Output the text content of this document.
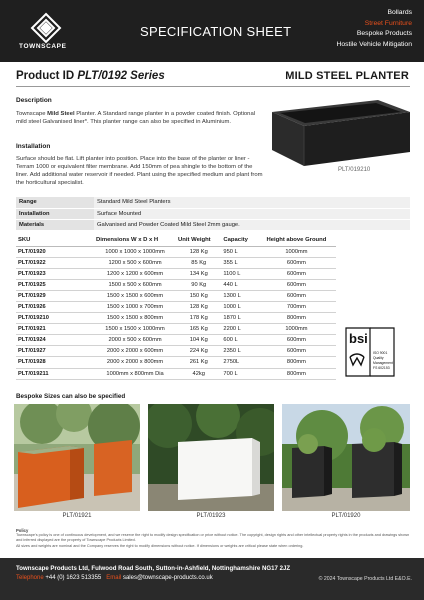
TOWNSCAPE
SPECIFICATION SHEET
Bollards
Street Furniture
Bespoke Products
Hostile Vehicle Mitigation
Product ID PLT/0192 Series	MILD STEEL PLANTER
Description
Townscape Mild Steel Planter. A Standard range planter in a powder coated finish. Optional mild steel Galvanised liner*. This planter range can also be specified in Aluminium.
Installation
Surface should be flat. Lift planter into position. Place into the base of the planter or liner -Terram 1000 or equivalent filter membrane. Add 150mm of pea shingle to the bottom of the liner. Add additional water reservoir if needed. Plant using the specified medium and plant from the horticultural specialist.
PLT/019210
Range	Standard Mild Steel Planters
Installation	Surface Mounted
Materials	Galvanised and Powder Coated Mild Steel 2mm gauge.
SKU	Dimensions W x D x H	Unit Weight	Capacity	Height above Ground
PLT/01920	1000 x 1000 x 1000mm	128 Kg	950 L	1000mm
PLT/01922	1200 x 500 x 600mm	85 Kg	355 L	600mm
PLT/01923	1200 x 1200 x 600mm	134 Kg	1100 L	600mm
PLT/01925	1500 x 500 x 600mm	90 Kg	440 L	600mm
PLT/01929	1500 x 1500 x 600mm	150 Kg	1300 L	600mm
PLT/01926	1500 x 1000 x 700mm	128 Kg	1000 L	700mm
PLT/019210	1500 x 1500 x 800mm	178 Kg	1870 L	800mm
PLT/01921	1500 x 1500 x 1000mm	165 Kg	2200 L	1000mm
PLT/01924	2000 x 500 x 600mm	104 Kg	600 L	600mm
PLT/01927	2000 x 2000 x 600mm	224 Kg	2350 L	600mm
PLT/01928	2000 x 2000 x 800mm	261 Kg	2750L	800mm
PLT/019211	1000mm x 800mm Dia	42kg	700 L	800mm
bsi
ISO 9001
Quality
Management
FS 602153
Bespoke Sizes can also be specified
PLT/01921	PLT/01923	PLT/01920
Policy
Townscape's policy is one of continuous development, and we reserve the right to modify design specification or price without notice. The copyright, design rights and other intellectual property rights in the products and drawings shown and inferred displayed are the property of Townscape Products Limited.
All sizes and weights are nominal and the Company reserves the right to modify dimensions without notice. If dimensions or weights are critical please state when ordering.
Townscape Products Ltd, Fulwood Road South, Sutton-in-Ashfield, Nottinghamshire NG17 2JZ
Telephone +44 (0) 1623 513355 Email sales@townscape-products.co.uk	© 2024 Townscape Products Ltd E&O.E.
